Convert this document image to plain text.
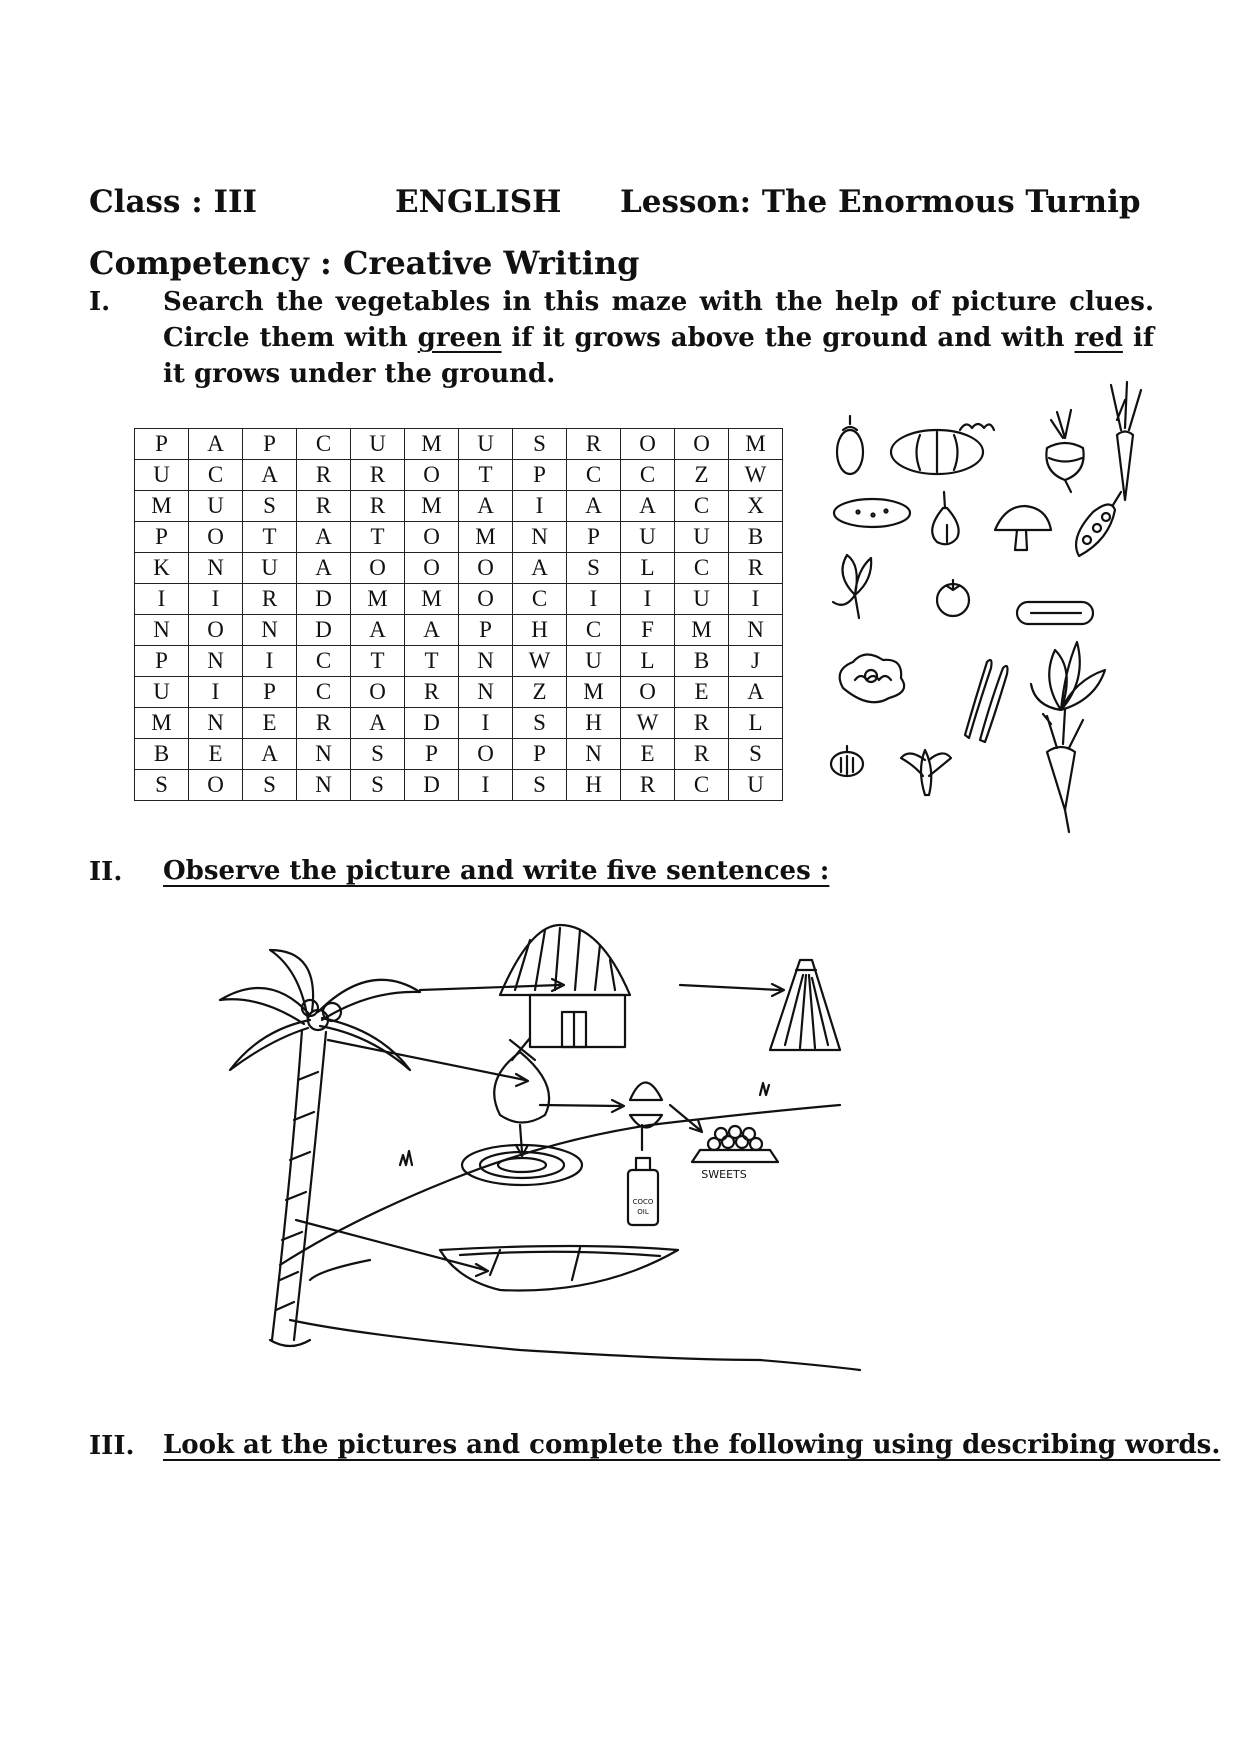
Class : III	ENGLISH Lesson: The Enormous Turnip
Competency : Creative Writing
I. Search the vegetables in this maze with the help of picture clues. Circle them with green if it grows above the ground and with red if it grows under the ground.
P	A	P	C	U	M	U	S	R	O	O	M
U	C	A	R	R	O	T	P	C	C	Z	W
M	U	S	R	R	M	A	I	A	A	C	X
P	O	T	A	T	O	M	N	P	U	U	B
K	N	U	A	O	O	O	A	S	L	C	R
I	I	R	D	M	M	O	C	I	I	U	I
N	O	N	D	A	A	P	H	C	F	M	N
P	N	I	C	T	T	N	W	U	L	B	J
U	I	P	C	O	R	N	Z	M	O	E	A
M	N	E	R	A	D	I	S	H	W	R	L
B	E	A	N	S	P	O	P	N	E	R	S
S	O	S	N	S	D	I	S	H	R	C	U
II. Observe the picture and write five sentences :
COCO
OIL
SWEETS
III. Look at the pictures and complete the following using describing words.
